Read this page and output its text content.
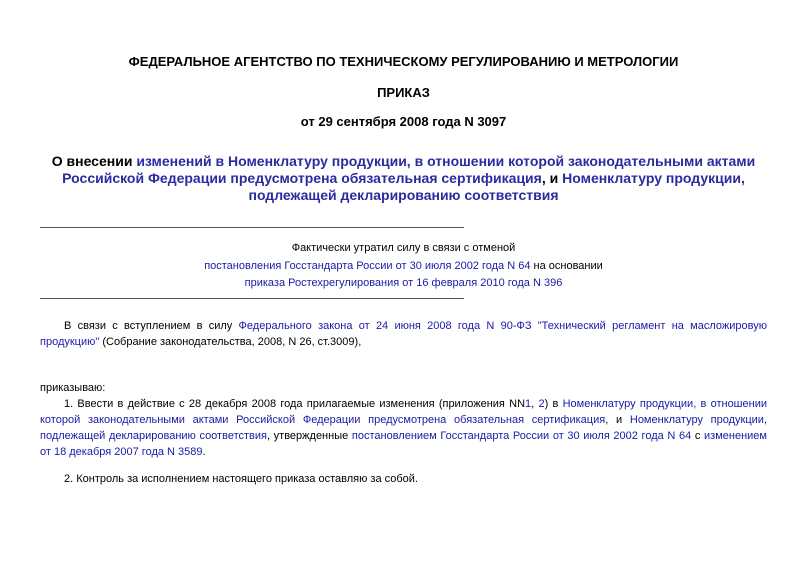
ФЕДЕРАЛЬНОЕ АГЕНТСТВО ПО ТЕХНИЧЕСКОМУ РЕГУЛИРОВАНИЮ И МЕТРОЛОГИИ
ПРИКАЗ
от 29 сентября 2008 года N 3097
О внесении изменений в Номенклатуру продукции, в отношении которой законодательными актами Российской Федерации предусмотрена обязательная сертификация, и Номенклатуру продукции, подлежащей декларированию соответствия
Фактически утратил силу в связи с отменой
постановления Госстандарта России от 30 июля 2002 года N 64 на основании
приказа Ростехрегулирования от 16 февраля 2010 года N 396
В связи с вступлением в силу Федерального закона от 24 июня 2008 года N 90-ФЗ "Технический регламент на масложировую продукцию" (Собрание законодательства, 2008, N 26, ст.3009),
приказываю:
1. Ввести в действие с 28 декабря 2008 года прилагаемые изменения (приложения NN1, 2) в Номенклатуру продукции, в отношении которой законодательными актами Российской Федерации предусмотрена обязательная сертификация, и Номенклатуру продукции, подлежащей декларированию соответствия, утвержденные постановлением Госстандарта России от 30 июля 2002 года N 64 с изменением от 18 декабря 2007 года N 3589.
2. Контроль за исполнением настоящего приказа оставляю за собой.
